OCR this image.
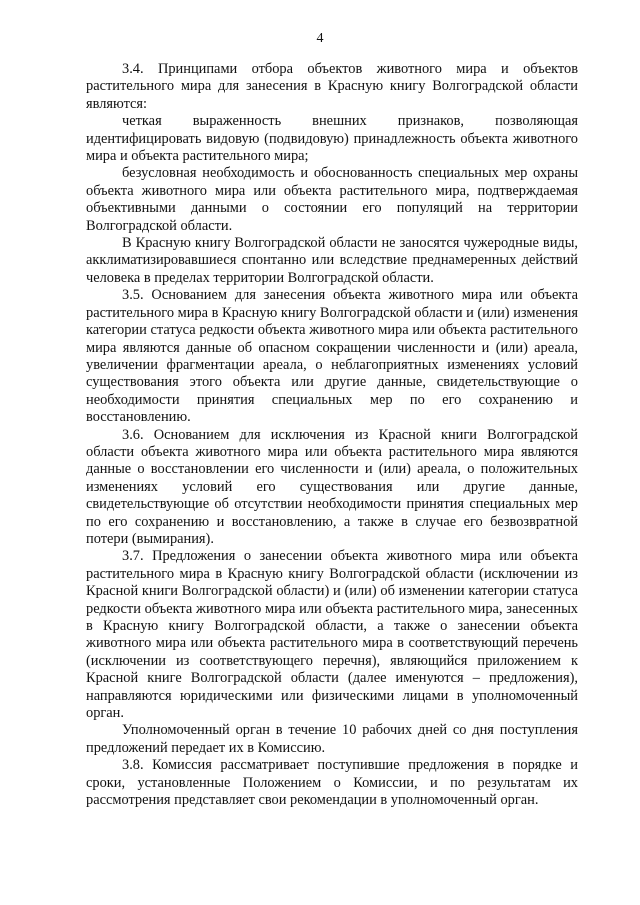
4

3.4. Принципами отбора объектов животного мира и объектов растительного мира для занесения в Красную книгу Волгоградской области являются:

четкая выраженность внешних признаков, позволяющая идентифицировать видовую (подвидовую) принадлежность объекта животного мира и объекта растительного мира;

безусловная необходимость и обоснованность специальных мер охраны объекта животного мира или объекта растительного мира, подтверждаемая объективными данными о состоянии его популяций на территории Волгоградской области.

В Красную книгу Волгоградской области не заносятся чужеродные виды, акклиматизировавшиеся спонтанно или вследствие преднамеренных действий человека в пределах территории Волгоградской области.

3.5. Основанием для занесения объекта животного мира или объекта растительного мира в Красную книгу Волгоградской области и (или) изменения категории статуса редкости объекта животного мира или объекта растительного мира являются данные об опасном сокращении численности и (или) ареала, увеличении фрагментации ареала, о неблагоприятных изменениях условий существования этого объекта или другие данные, свидетельствующие о необходимости принятия специальных мер по его сохранению и восстановлению.

3.6. Основанием для исключения из Красной книги Волгоградской области объекта животного мира или объекта растительного мира являются данные о восстановлении его численности и (или) ареала, о положительных изменениях условий его существования или другие данные, свидетельствующие об отсутствии необходимости принятия специальных мер по его сохранению и восстановлению, а также в случае его безвозвратной потери (вымирания).

3.7. Предложения о занесении объекта животного мира или объекта растительного мира в Красную книгу Волгоградской области (исключении из Красной книги Волгоградской области) и (или) об изменении категории статуса редкости объекта животного мира или объекта растительного мира, занесенных в Красную книгу Волгоградской области, а также о занесении объекта животного мира или объекта растительного мира в соответствующий перечень (исключении из соответствующего перечня), являющийся приложением к Красной книге Волгоградской области (далее именуются – предложения), направляются юридическими или физическими лицами в уполномоченный орган.

Уполномоченный орган в течение 10 рабочих дней со дня поступления предложений передает их в Комиссию.

3.8. Комиссия рассматривает поступившие предложения в порядке и сроки, установленные Положением о Комиссии, и по результатам их рассмотрения представляет свои рекомендации в уполномоченный орган.
